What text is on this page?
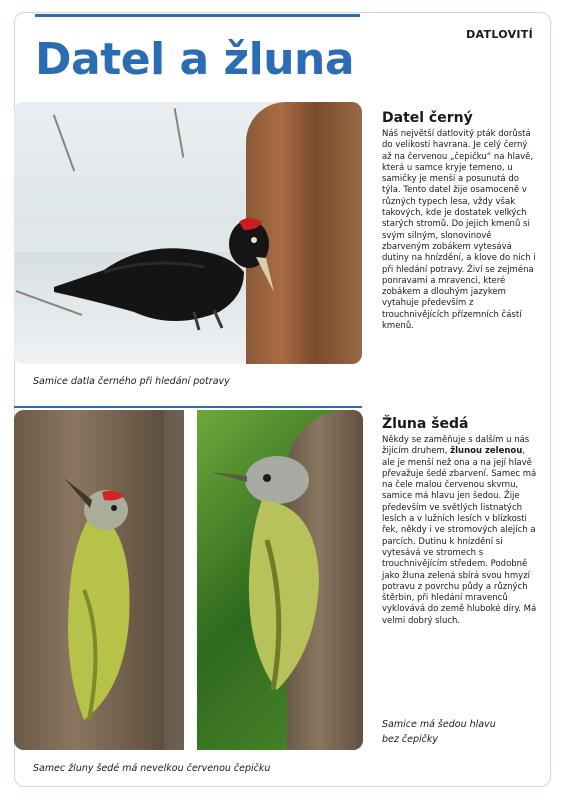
DATLOVITÍ
Datel a žluna
Samice datla černého při hledání potravy
Samec žluny šedé má nevelkou červenou čepičku
Samice má šedou hlavu bez čepičky
Datel černý
Náš největší datlovitý pták dorůstá do velikosti havrana. Je celý černý až na červenou „čepičku“ na hlavě, která u samce kryje temeno, u samičky je menší a posunutá do týla. Tento datel žije osamoceně v různých typech lesa, vždy však takových, kde je dostatek velkých starých stromů. Do jejich kmenů si svým silným, slonovinově zbarveným zobákem vytesává dutiny na hnízdění, a klove do nich i při hledání potravy. Živí se zejména ponravami a mravenci, které zobákem a dlouhým jazykem vytahuje především z trouchnivějících přízemních částí kmenů.
Žluna šedá
Někdy se zaměňuje s dalším u nás žijícím druhem, žlunou zelenou, ale je menší než ona a na její hlavě převažuje šedé zbarvení. Samec má na čele malou červenou skvrnu, samice má hlavu jen šedou. Žije především ve světlých listnatých lesích a v lužních lesích v blízkosti řek, někdy i ve stromových alejích a parcích. Dutinu k hnízdění si vytesává ve stromech s trouchnivějícím středem. Podobně jako žluna zelená sbírá svou hmyzí potravu z povrchu půdy a různých štěrbin, při hledání mravenců vyklovává do země hluboké díry. Má velmi dobrý sluch.
